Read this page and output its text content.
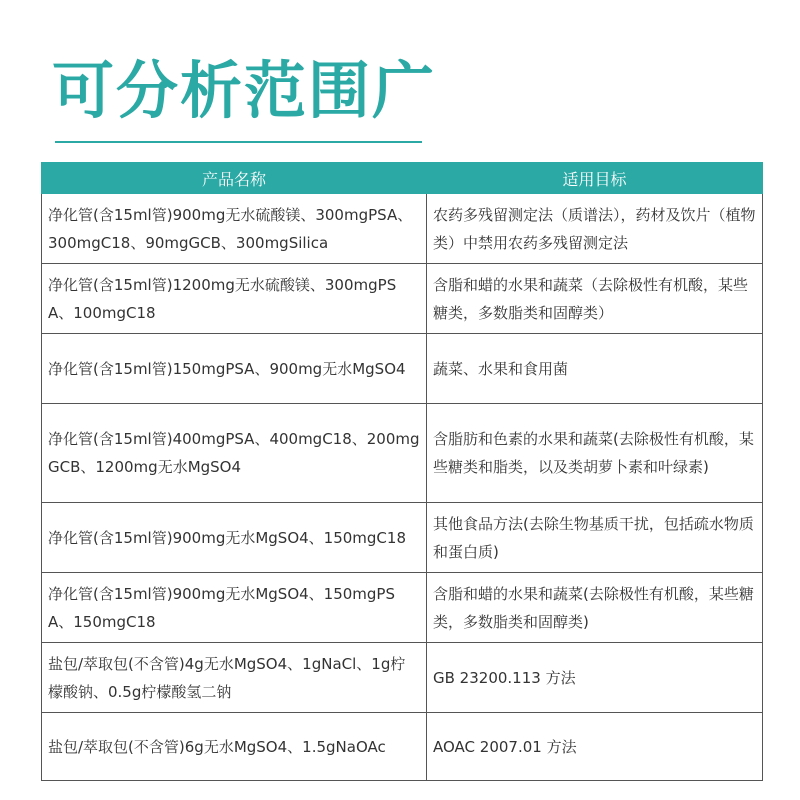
可分析范围广
产品名称	适用目标
净化管(含15ml管)900mg无水硫酸镁、300mgPSA、300mgC18、90mgGCB、300mgSilica	农药多残留测定法（质谱法），药材及饮片（植物类）中禁用农药多残留测定法
净化管(含15ml管)1200mg无水硫酸镁、300mgPSA、100mgC18	含脂和蜡的水果和蔬菜（去除极性有机酸，某些糖类，多数脂类和固醇类）
净化管(含15ml管)150mgPSA、900mg无水MgSO4	蔬菜、水果和食用菌
净化管(含15ml管)400mgPSA、400mgC18、200mgGCB、1200mg无水MgSO4	含脂肪和色素的水果和蔬菜(去除极性有机酸，某些糖类和脂类，以及类胡萝卜素和叶绿素)
净化管(含15ml管)900mg无水MgSO4、150mgC18	其他食品方法(去除生物基质干扰，包括疏水物质和蛋白质)
净化管(含15ml管)900mg无水MgSO4、150mgPSA、150mgC18	含脂和蜡的水果和蔬菜(去除极性有机酸，某些糖类，多数脂类和固醇类)
盐包/萃取包(不含管)4g无水MgSO4、1gNaCl、1g柠檬酸钠、0.5g柠檬酸氢二钠	GB 23200.113 方法
盐包/萃取包(不含管)6g无水MgSO4、1.5gNaOAc	AOAC 2007.01 方法
